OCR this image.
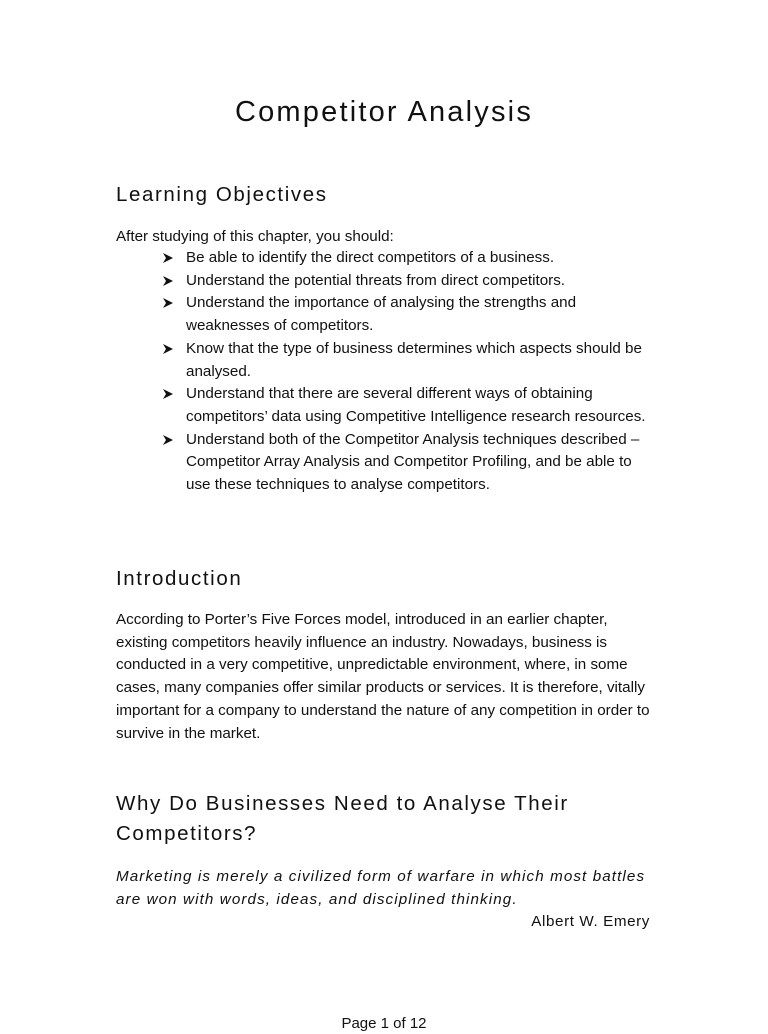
Competitor Analysis
Learning Objectives

After studying of this chapter, you should:

Be able to identify the direct competitors of a business.
Understand the potential threats from direct competitors.
Understand the importance of analysing the strengths and weaknesses of competitors.
Know that the type of business determines which aspects should be analysed.
Understand that there are several different ways of obtaining competitors’ data using Competitive Intelligence research resources.
Understand both of the Competitor Analysis techniques described – Competitor Array Analysis and Competitor Profiling, and be able to use these techniques to analyse competitors.
Introduction

According to Porter’s Five Forces model, introduced in an earlier chapter, existing competitors heavily influence an industry. Nowadays, business is conducted in a very competitive, unpredictable environment, where, in some cases, many companies offer similar products or services. It is therefore, vitally important for a company to understand the nature of any competition in order to survive in the market.

Why Do Businesses Need to Analyse Their Competitors?

Marketing is merely a civilized form of warfare in which most battles are won with words, ideas, and disciplined thinking.

Albert W. Emery

Page 1 of 12
